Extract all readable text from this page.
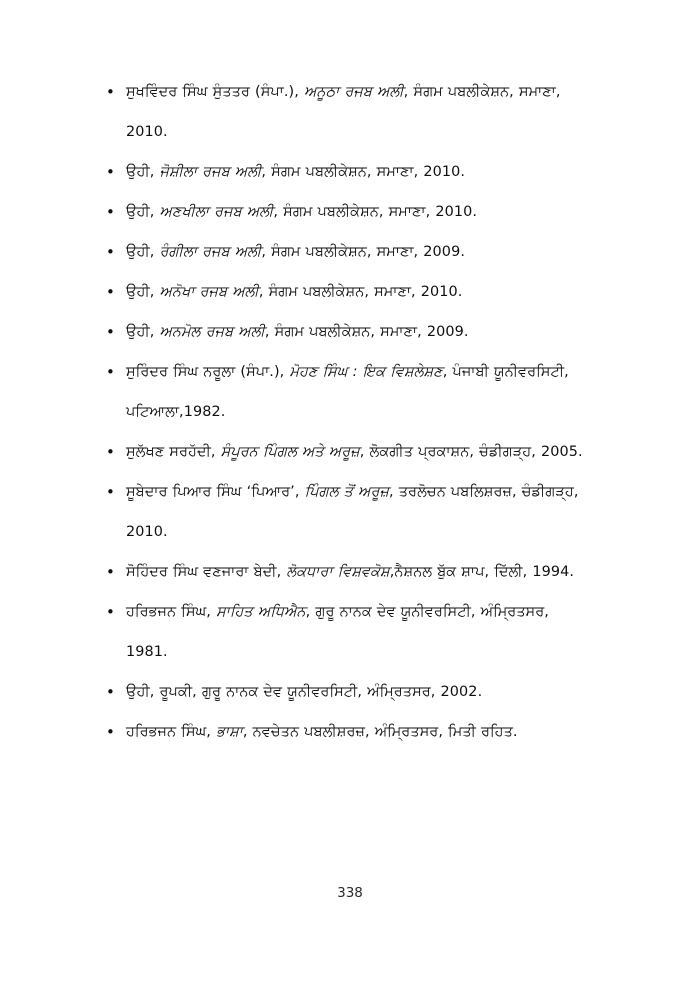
• ਸੁਖਵਿੰਦਰ ਸਿੰਘ ਸੁੰਤਤਰ (ਸੰਪਾ.), ਅਨੂਠਾ ਰਜਬ ਅਲੀ, ਸੰਗਮ ਪਬਲੀਕੇਸ਼ਨ, ਸਮਾਣਾ, 2010.
• ਉਹੀ, ਜੋਸ਼ੀਲਾ ਰਜਬ ਅਲੀ, ਸੰਗਮ ਪਬਲੀਕੇਸ਼ਨ, ਸਮਾਣਾ, 2010.
• ਉਹੀ, ਅਣਖੀਲਾ ਰਜਬ ਅਲੀ, ਸੰਗਮ ਪਬਲੀਕੇਸ਼ਨ, ਸਮਾਣਾ, 2010.
• ਉਹੀ, ਰੰਗੀਲਾ ਰਜਬ ਅਲੀ, ਸੰਗਮ ਪਬਲੀਕੇਸ਼ਨ, ਸਮਾਣਾ, 2009.
• ਉਹੀ, ਅਨੋਖਾ ਰਜਬ ਅਲੀ, ਸੰਗਮ ਪਬਲੀਕੇਸ਼ਨ, ਸਮਾਣਾ, 2010.
• ਉਹੀ, ਅਨਮੋਲ ਰਜਬ ਅਲੀ, ਸੰਗਮ ਪਬਲੀਕੇਸ਼ਨ, ਸਮਾਣਾ, 2009.
• ਸੁਰਿੰਦਰ ਸਿੰਘ ਨਰੂਲਾ (ਸੰਪਾ.), ਮੋਹਣ ਸਿੰਘ : ਇਕ ਵਿਸ਼ਲੇਸ਼ਣ, ਪੰਜਾਬੀ ਯੂਨੀਵਰਸਿਟੀ, ਪਟਿਆਲਾ,1982.
• ਸੁਲੱਖਣ ਸਰਹੱਦੀ, ਸੰਪੂਰਨ ਪਿੰਗਲ ਅਤੇ ਅਰੂਜ਼, ਲੋਕਗੀਤ ਪ੍ਰਕਾਸ਼ਨ, ਚੰਡੀਗੜ੍ਹ, 2005.
• ਸੂਬੇਦਾਰ ਪਿਆਰ ਸਿੰਘ ‘ਪਿਆਰ’, ਪਿੰਗਲ ਤੋਂ ਅਰੂਜ਼, ਤਰਲੋਚਨ ਪਬਲਿਸ਼ਰਜ਼, ਚੰਡੀਗੜ੍ਹ, 2010.
• ਸੋਹਿੰਦਰ ਸਿੰਘ ਵਣਜਾਰਾ ਬੇਦੀ, ਲੋਕਧਾਰਾ ਵਿਸ਼ਵਕੋਸ਼,ਨੈਸ਼ਨਲ ਬੁੱਕ ਸ਼ਾਪ, ਦਿੱਲੀ, 1994.
• ਹਰਿਭਜਨ ਸਿੰਘ, ਸਾਹਿਤ ਅਧਿਐਨ, ਗੁਰੂ ਨਾਨਕ ਦੇਵ ਯੂਨੀਵਰਸਿਟੀ, ਅੰਮ੍ਰਿਤਸਰ, 1981.
• ਉਹੀ, ਰੂਪਕੀ, ਗੁਰੂ ਨਾਨਕ ਦੇਵ ਯੂਨੀਵਰਸਿਟੀ, ਅੰਮ੍ਰਿਤਸਰ, 2002.
• ਹਰਿਭਜਨ ਸਿੰਘ, ਭਾਸ਼ਾ, ਨਵਚੇਤਨ ਪਬਲੀਸ਼ਰਜ਼, ਅੰਮ੍ਰਿਤਸਰ, ਮਿਤੀ ਰਹਿਤ.
338
